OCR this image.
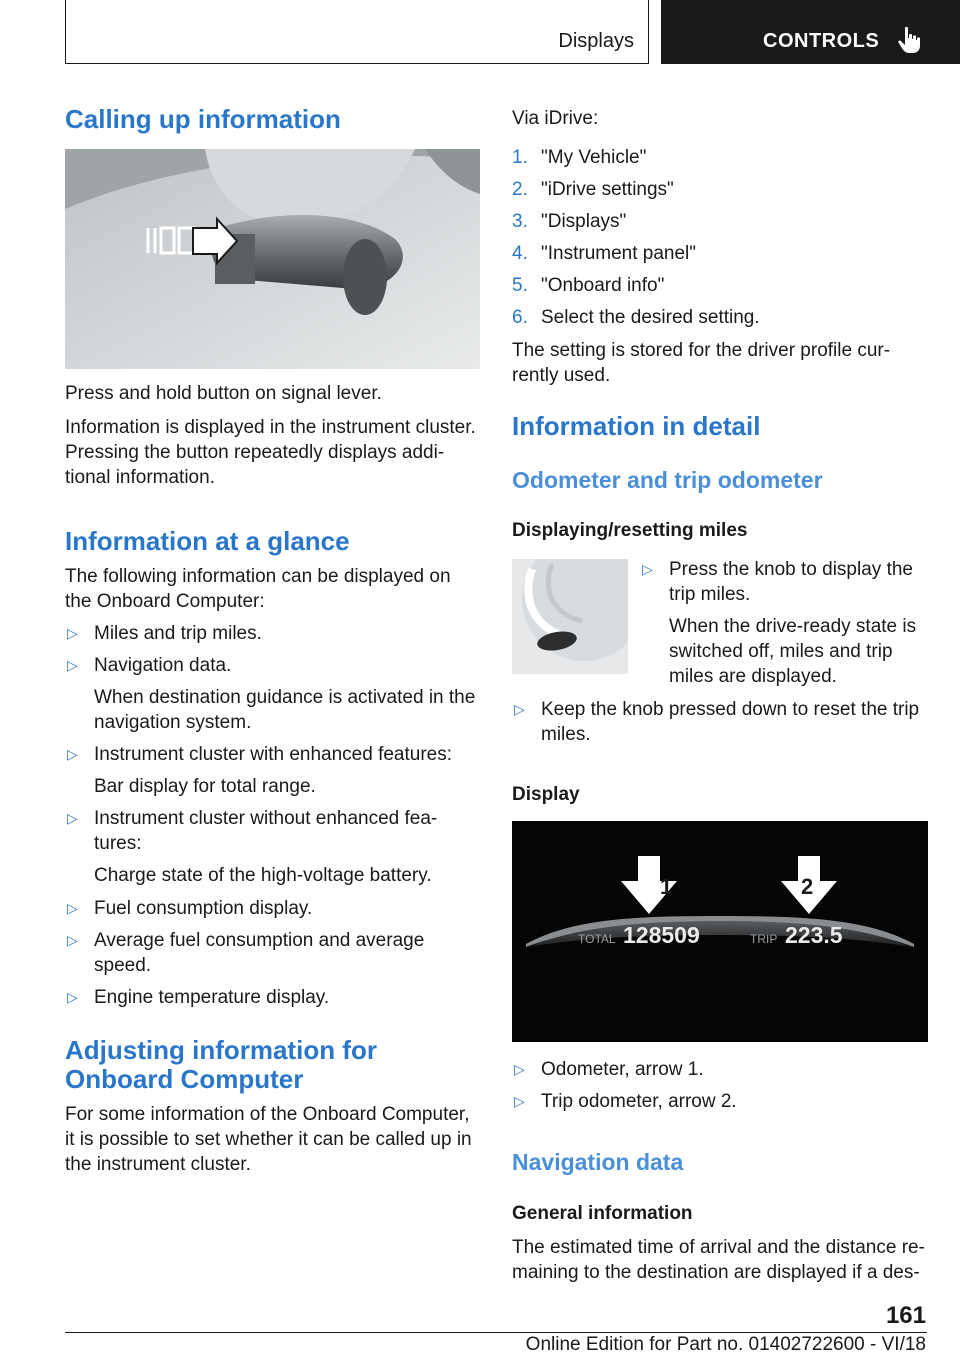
Displays	CONTROLS
Calling up information

Press and hold button on signal lever.

Information is displayed in the instrument cluster.

Pressing the button repeatedly displays addi-

tional information.

Information at a glance

The following information can be displayed on

the Onboard Computer:

▷ Miles and trip miles.
▷ Navigation data.

When destination guidance is activated in the

navigation system.

▷ Instrument cluster with enhanced features:

Bar display for total range.

▷ Instrument cluster without enhanced fea-

tures:

Charge state of the high-voltage battery.

▷ Fuel consumption display.
▷ Average fuel consumption and average

speed.

▷ Engine temperature display.
Adjusting information for
Onboard Computer

For some information of the Onboard Computer,

it is possible to set whether it can be called up in

the instrument cluster.

Via iDrive:

1. "My Vehicle"
2. "iDrive settings"
3. "Displays"
4. "Instrument panel"
5. "Onboard info"
6. Select the desired setting.

The setting is stored for the driver profile cur-

rently used.

Information in detail
Odometer and trip odometer
Displaying/resetting miles
▷ Press the knob to display the

trip miles.

When the drive-ready state is

switched off, miles and trip

miles are displayed.

▷ Keep the knob pressed down to reset the trip

miles.

Display
1	2
TOTAL 128509	TRIP 223.5
▷ Odometer, arrow 1.
▷ Trip odometer, arrow 2.
Navigation data
General information

The estimated time of arrival and the distance re-

maining to the destination are displayed if a des-

161
Online Edition for Part no. 01402722600 - VI/18
